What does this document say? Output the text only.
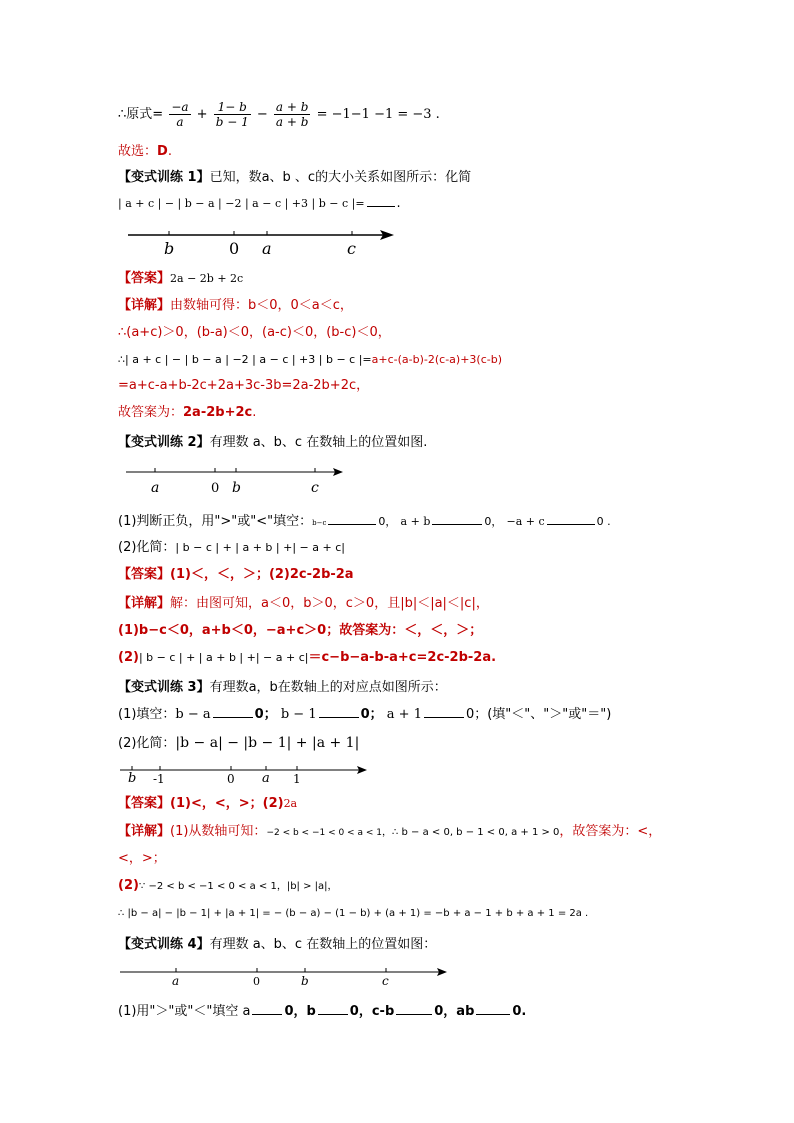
∴原式= $\frac{-a}{a} + \frac{1- b}{b - 1} - \frac{a + b}{a + b} = -1-1 -1 = -3$ .
故选：D.
【变式训练 1】已知，数a、b 、c的大小关系如图所示：化简
| a + c | − | b − a | −2 | a − c | +3 | b − c |= .
b	0 a	c
【答案】2a − 2b + 2c
【详解】由数轴可得：b＜0，0＜a＜c，
∴(a+c)＞0，(b-a)＜0，(a-c)＜0，(b-c)＜0，
∴| a + c | − | b − a | −2 | a − c | +3 | b − c |=a+c-(a-b)-2(c-a)+3(c-b)
=a+c-a+b-2c+2a+3c-3b=2a-2b+2c，
故答案为：2a-2b+2c.
【变式训练 2】有理数 a、b、c 在数轴上的位置如图.
a	0 b	c
(1)判断正负，用">"或"<"填空：b−c	0， a + b	0， −a + c	0 .
(2)化简：| b − c | + | a + b | +| − a + c|
【答案】(1)＜，＜，＞；(2)2c-2b-2a
【详解】解：由图可知，a＜0，b＞0，c＞0，且|b|＜|a|＜|c|，
(1)b−c＜0，a+b＜0，−a+c＞0；故答案为：＜，＜，＞；
(2)| b − c | + | a + b | +| − a + c|＝c−b−a-b-a+c=2c-2b-2a.
【变式训练 3】有理数a，b在数轴上的对应点如图所示：
(1)填空：b − a	0； b − 1	0； a + 1	0；(填"＜"、"＞"或"＝")
(2)化简：|b − a| − |b − 1| + |a + 1|
b -1	0 a 1
【答案】(1)<，<，>；(2)2a
【详解】(1)从数轴可知：−2 < b < −1 < 0 < a < 1，∴ b − a < 0, b − 1 < 0, a + 1 > 0，故答案为：<，
<，>；
(2)∵ −2 < b < −1 < 0 < a < 1，|b| > |a|，
∴ |b − a| − |b − 1| + |a + 1| = − (b − a) − (1 − b) + (a + 1) = −b + a − 1 + b + a + 1 = 2a .
【变式训练 4】有理数 a、b、c 在数轴上的位置如图：
a	0	b	c
(1)用"＞"或"＜"填空 a	0，b	0，c-b	0，ab	0.
